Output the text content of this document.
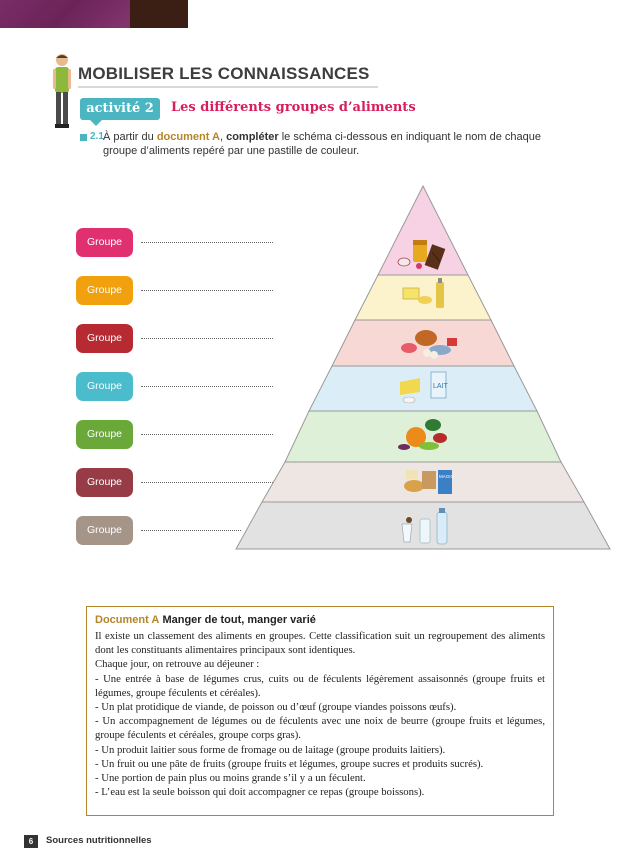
MOBILISER LES CONNAISSANCES
activité 2	Les différents groupes d’aliments
2.1 À partir du document A, compléter le schéma ci-dessous en indiquant le nom de chaque groupe d’aliments repéré par une pastille de couleur.
Groupe
Groupe
Groupe
Groupe
Groupe
Groupe
Groupe
LAIT
MAGIC
Document A Manger de tout, manger varié
Il existe un classement des aliments en groupes. Cette classification suit un regroupement des aliments dont les constituants alimentaires principaux sont identiques.
Chaque jour, on retrouve au déjeuner :
- Une entrée à base de légumes crus, cuits ou de féculents légèrement assaisonnés (groupe fruits et légumes, groupe féculents et céréales).
- Un plat protidique de viande, de poisson ou d’œuf (groupe viandes poissons œufs).
- Un accompagnement de légumes ou de féculents avec une noix de beurre (groupe fruits et légumes, groupe féculents et céréales, groupe corps gras).
- Un produit laitier sous forme de fromage ou de laitage (groupe produits laitiers).
- Un fruit ou une pâte de fruits (groupe fruits et légumes, groupe sucres et produits sucrés).
- Une portion de pain plus ou moins grande s’il y a un féculent.
- L’eau est la seule boisson qui doit accompagner ce repas (groupe boissons).
6	Sources nutritionnelles
